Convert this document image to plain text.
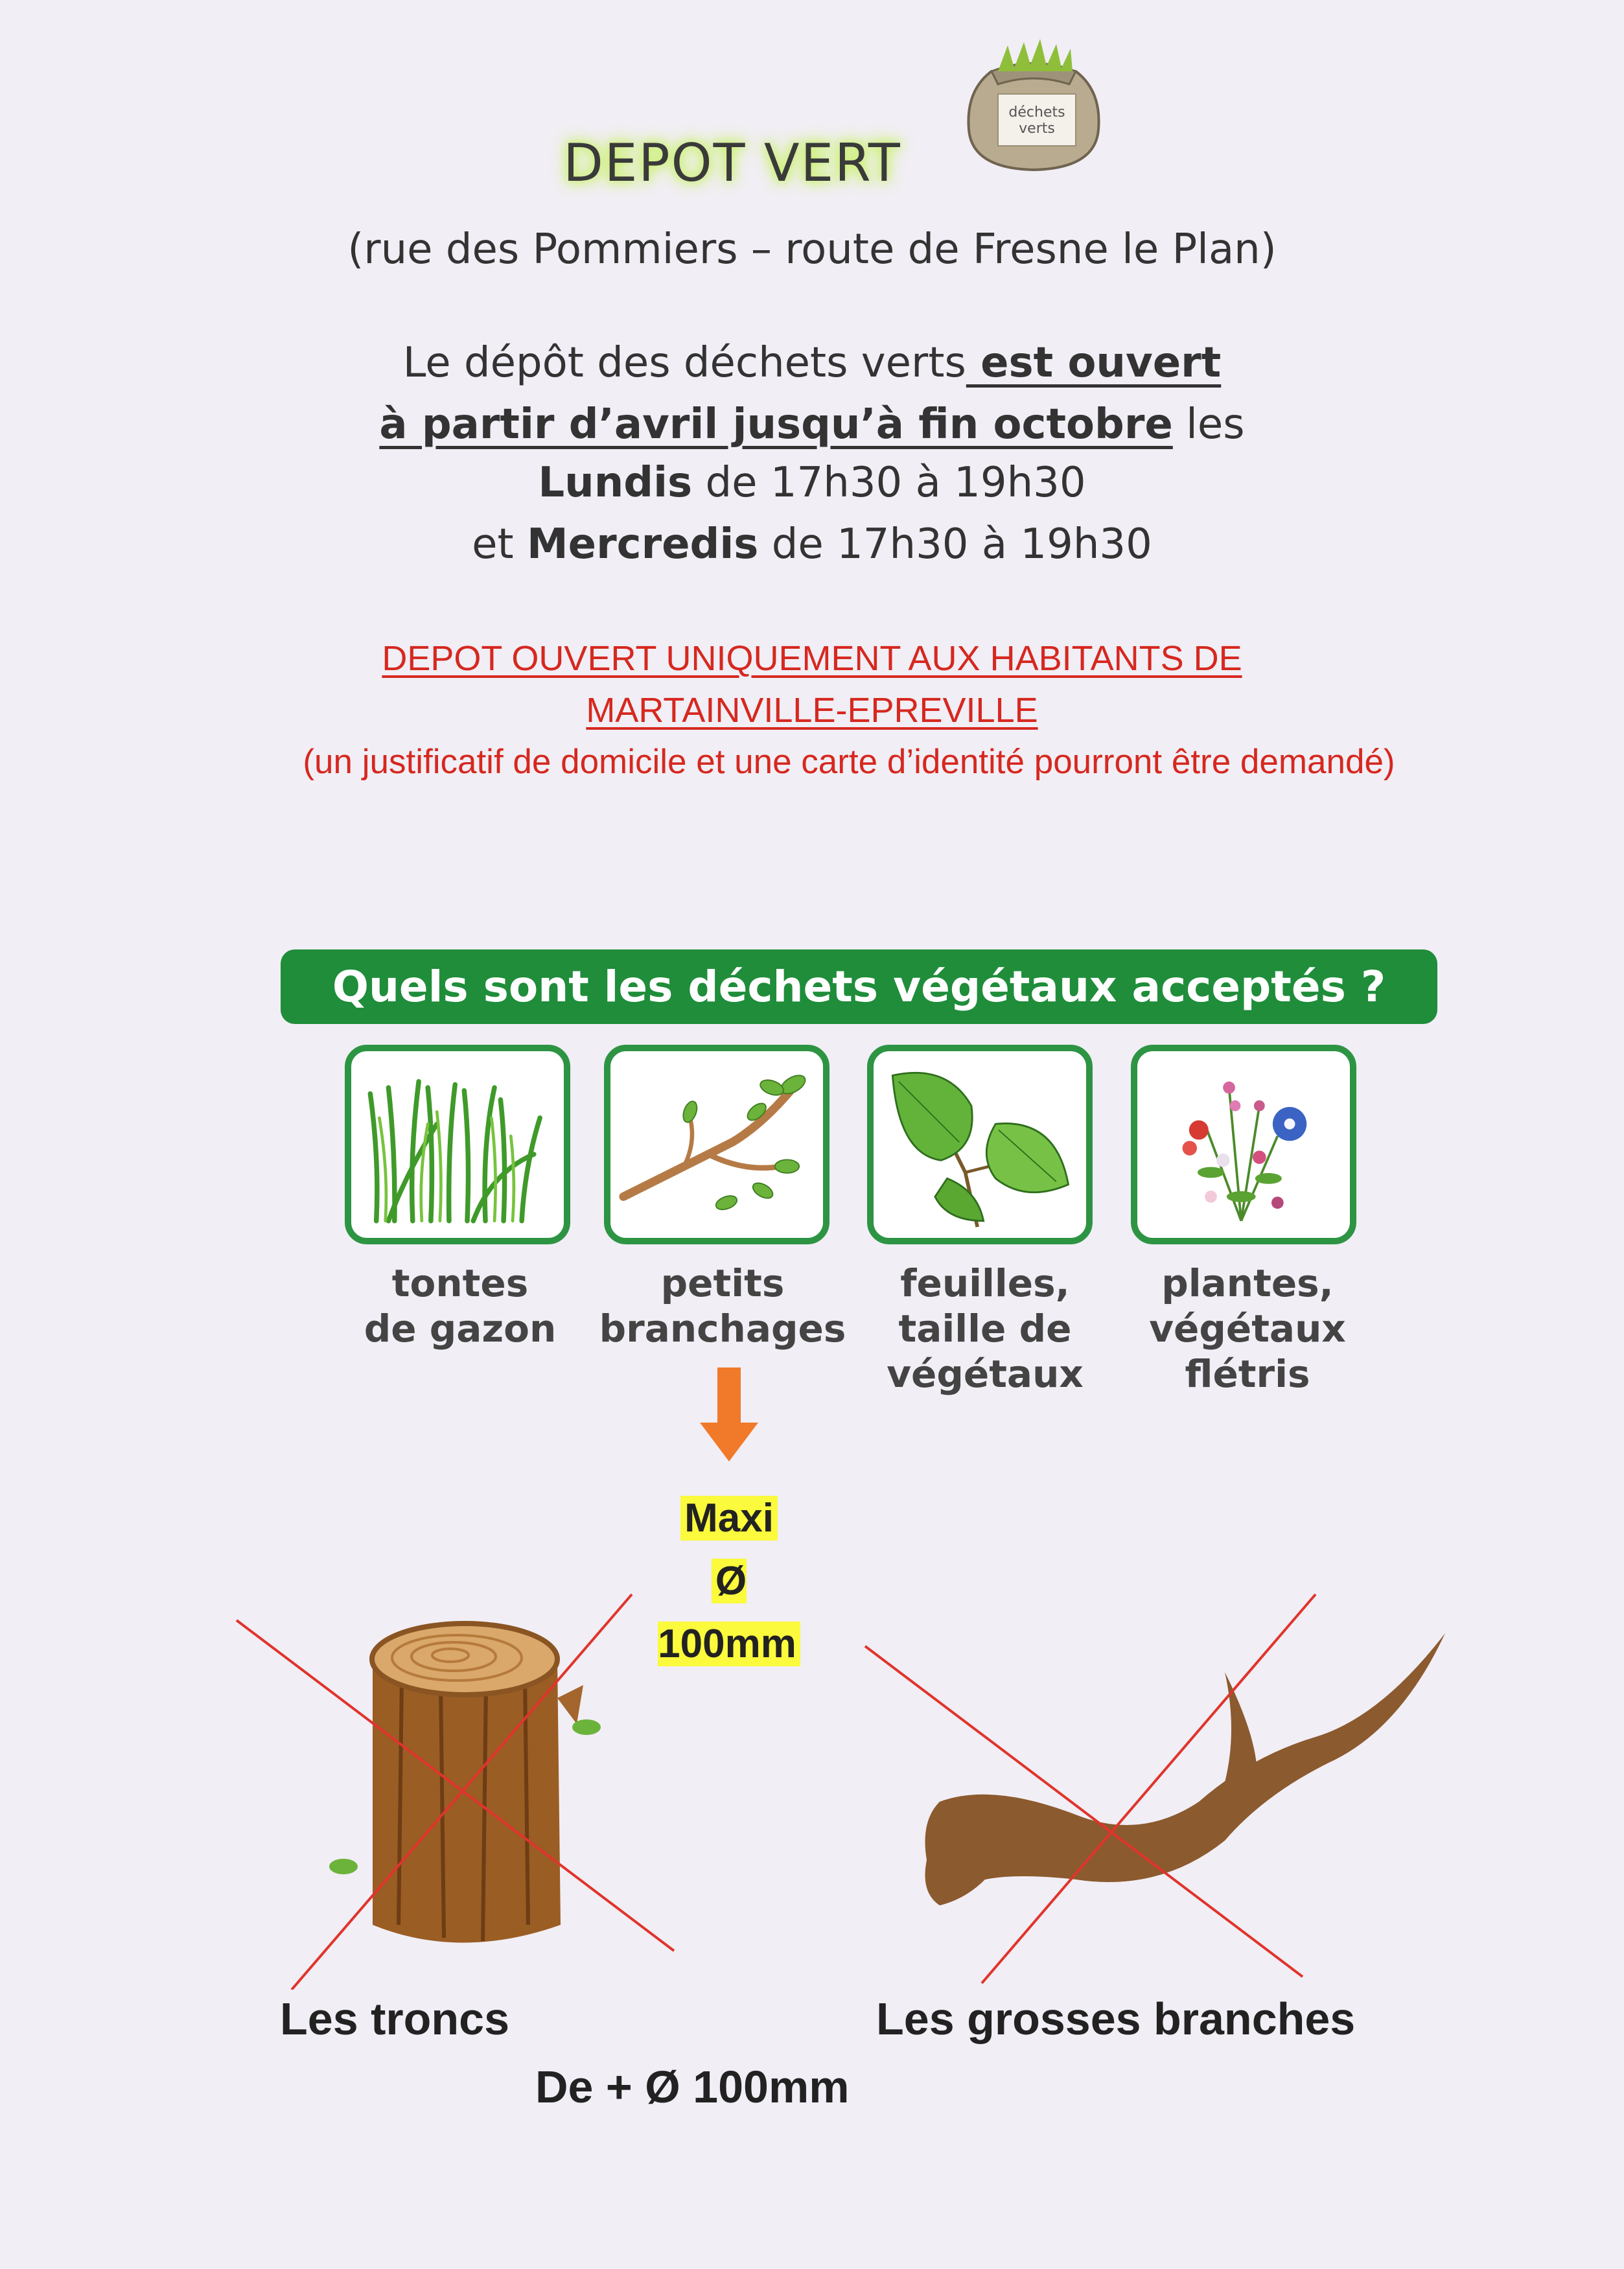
DEPOT VERT
déchets
verts
(rue des Pommiers – route de Fresne le Plan)
Le dépôt des déchets verts est ouvert
à partir d’avril jusqu’à fin octobre les
Lundis de 17h30 à 19h30
et Mercredis de 17h30 à 19h30
DEPOT OUVERT UNIQUEMENT AUX HABITANTS DE
MARTAINVILLE-EPREVILLE
(un justificatif de domicile et une carte d’identité pourront être demandé)
Quels sont les déchets végétaux acceptés ?
tontes
de gazon
petits
branchages
feuilles,
taille de
végétaux
plantes,
végétaux
flétris
Maxi
Ø 100mm
Les troncs	Les grosses branches
De + Ø 100mm
